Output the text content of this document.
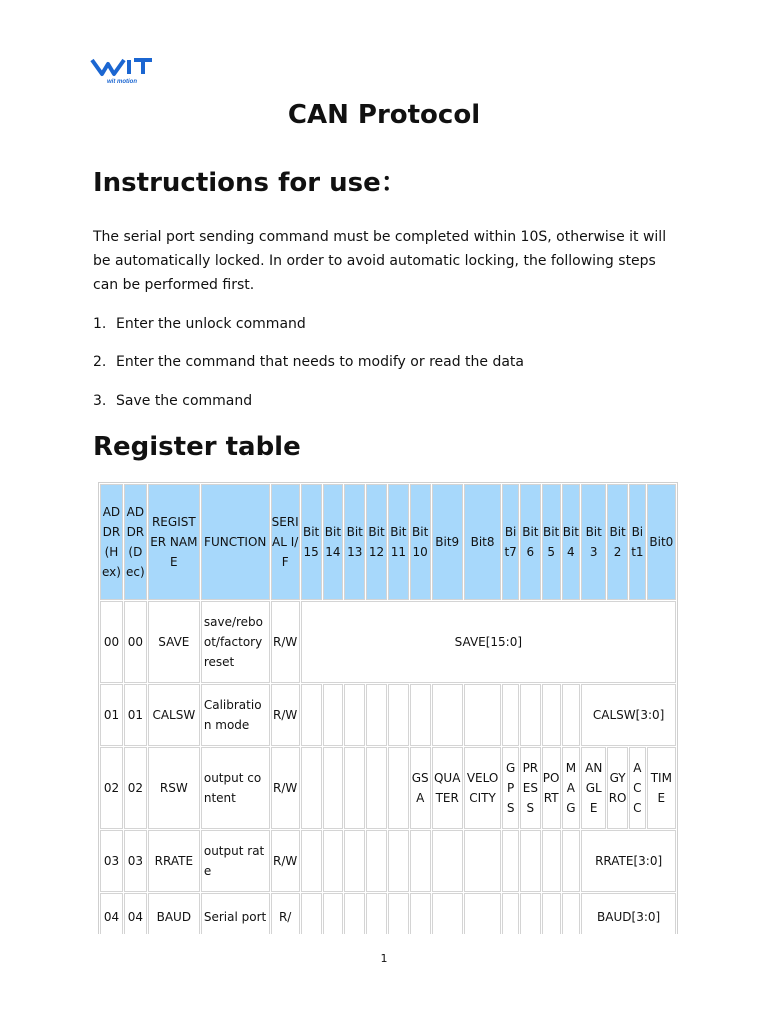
wit motion
CAN Protocol
Instructions for use：

The serial port sending command must be completed within 10S, otherwise it will be automatically locked. In order to avoid automatic locking, the following steps can be performed first.

1. Enter the unlock command

2. Enter the command that needs to modify or read the data

3. Save the command

Register table
ADDR (Hex)	ADDR (Dec)	REGISTER NAME	FUNCTION	SERIAL I/F	Bit15	Bit14	Bit13	Bit12	Bit11	Bit10	Bit9	Bit8	Bit7	Bit6	Bit5	Bit4	Bit3	Bit2	Bit1	Bit0
00	00	SAVE	save/reboot/factory reset	R/W	SAVE[15:0]															
01	01	CALSW	Calibration mode	R/W													CALSW[3:0]			
02	02	RSW	output content	R/W						GSA	QUATER	VELOCITY	GPS	PRESS	PORT	MAG	ANGLE	GYRO	ACC	TIME
03	03	RRATE	output rate	R/W													RRATE[3:0]			
04	04	BAUD	Serial port	R/													BAUD[3:0]			

1
